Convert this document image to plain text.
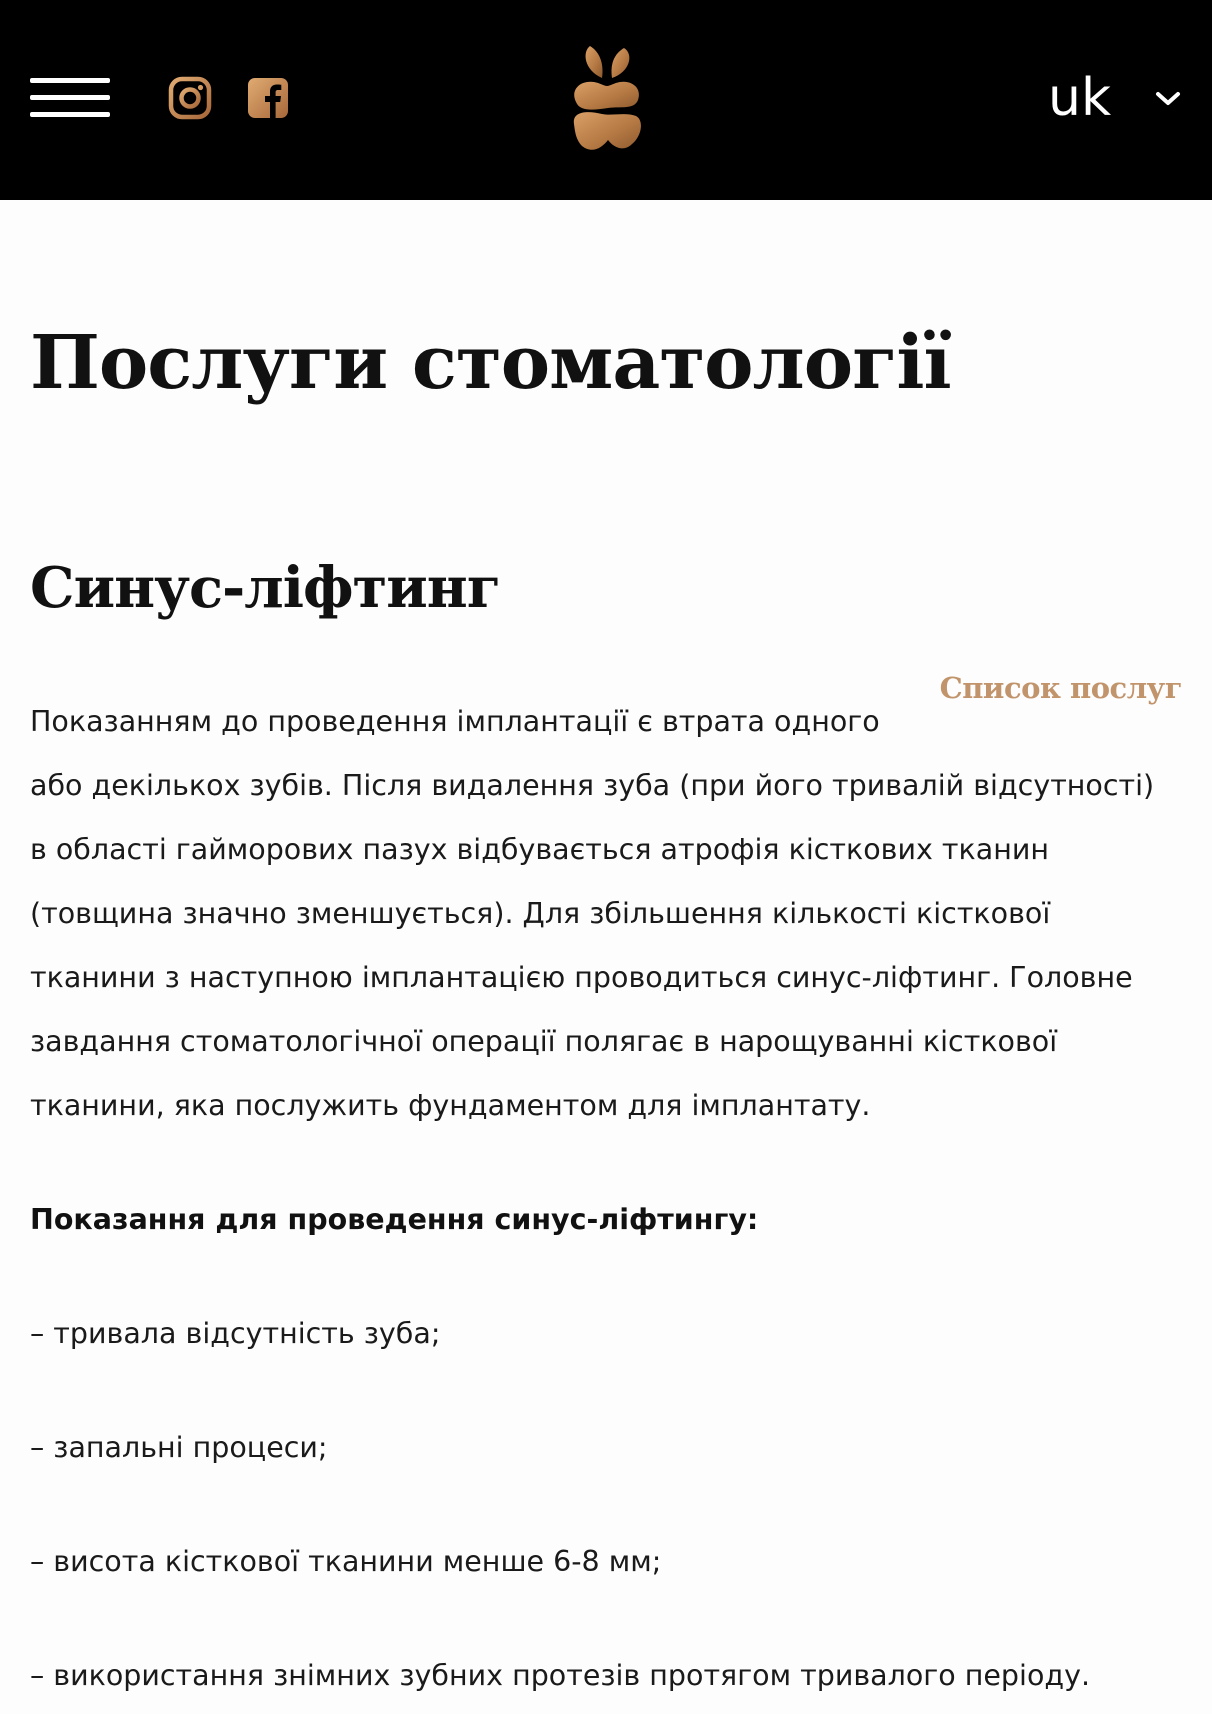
uk
Послуги стоматології
Синус-ліфтинг
Список послуг
Показанням до проведення імплантації є втрата одного
або декількох зубів. Після видалення зуба (при його тривалій відсутності)
в області гайморових пазух відбувається атрофія кісткових тканин
(товщина значно зменшується). Для збільшення кількості кісткової
тканини з наступною імплантацією проводиться синус-ліфтинг. Головне
завдання стоматологічної операції полягає в нарощуванні кісткової
тканини, яка послужить фундаментом для імплантату.
Показання для проведення синус-ліфтингу:
– тривала відсутність зуба;
– запальні процеси;
– висота кісткової тканини менше 6-8 мм;
– використання знімних зубних протезів протягом тривалого періоду.
